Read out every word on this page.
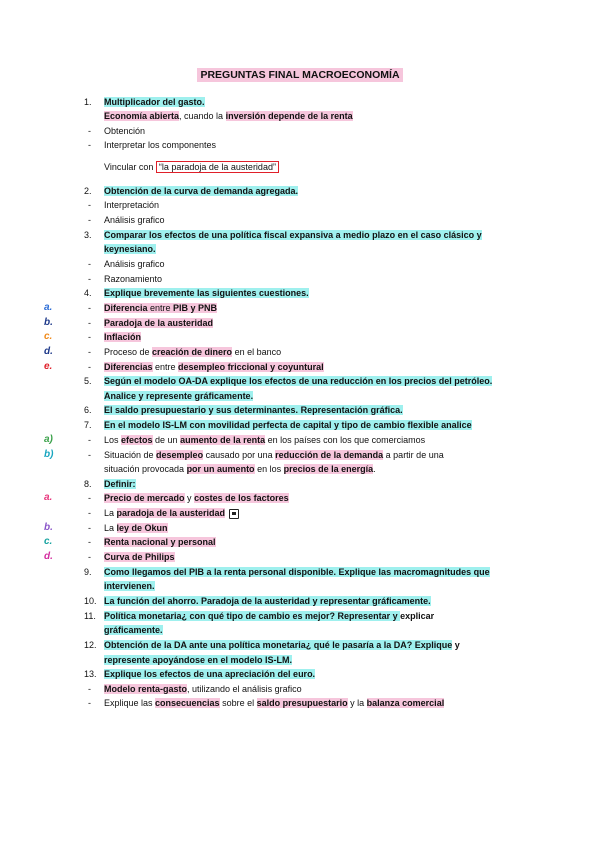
PREGUNTAS FINAL MACROECONOMÍA
1.	Multiplicador del gasto.
Economía abierta, cuando la inversión depende de la renta
- Obtención
- Interpretar los componentes
Vincular con “la paradoja de la austeridad”
2.	Obtención de la curva de demanda agregada.
- Interpretación
- Análisis grafico
3.	Comparar los efectos de una política fiscal expansiva a medio plazo en el caso clásico y
keynesiano.
- Análisis grafico
- Razonamiento
4.	Explique brevemente las siguientes cuestiones.
a.	- Diferencia entre PIB y PNB
b.	- Paradoja de la austeridad
c.	- Inflación
d.	- Proceso de creación de dinero en el banco
e.	- Diferencias entre desempleo friccional y coyuntural
5.	Según el modelo OA-DA explique los efectos de una reducción en los precios del petróleo.
Analice y represente gráficamente.
6.	El saldo presupuestario y sus determinantes. Representación gráfica.
7.	En el modelo IS-LM con movilidad perfecta de capital y tipo de cambio flexible analice
a)	- Los efectos de un aumento de la renta en los países con los que comerciamos
b)	- Situación de desempleo causado por una reducción de la demanda a partir de una
situación provocada por un aumento en los precios de la energía.
8.	Definir:
a.	- Precio de mercado y costes de los factores
- La paradoja de la austeridad
b.	- La ley de Okun
c.	- Renta nacional y personal
d.	- Curva de Philips
9.	Como llegamos del PIB a la renta personal disponible. Explique las macromagnitudes que
intervienen.
10. La función del ahorro. Paradoja de la austeridad y representar gráficamente.
11. Política monetaria¿ con qué tipo de cambio es mejor? Representar y explicar
gráficamente.
12. Obtención de la DA ante una política monetaria¿ qué le pasaría a la DA? Explique y
represente apoyándose en el modelo IS-LM.
13. Explique los efectos de una apreciación del euro.
- Modelo renta-gasto, utilizando el análisis grafico
- Explique las consecuencias sobre el saldo presupuestario y la balanza comercial
